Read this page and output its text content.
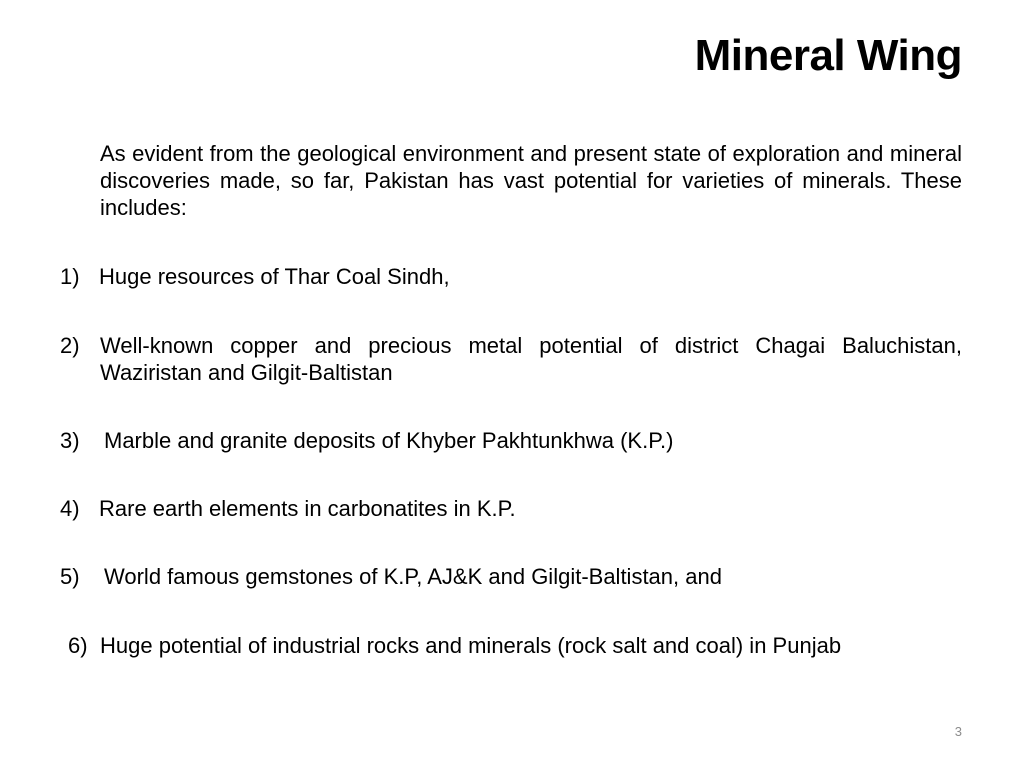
Mineral Wing
As evident from the geological environment and present state of exploration and mineral discoveries made, so far, Pakistan has vast potential for varieties of minerals. These includes:
1) Huge resources of Thar Coal Sindh,
2) Well-known copper and precious metal potential of district Chagai Baluchistan, Waziristan and Gilgit-Baltistan
3) Marble and granite deposits of Khyber Pakhtunkhwa (K.P.)
4) Rare earth elements in carbonatites in K.P.
5) World famous gemstones of K.P, AJ&K and Gilgit-Baltistan, and
6) Huge potential of industrial rocks and minerals (rock salt and coal) in Punjab
3
